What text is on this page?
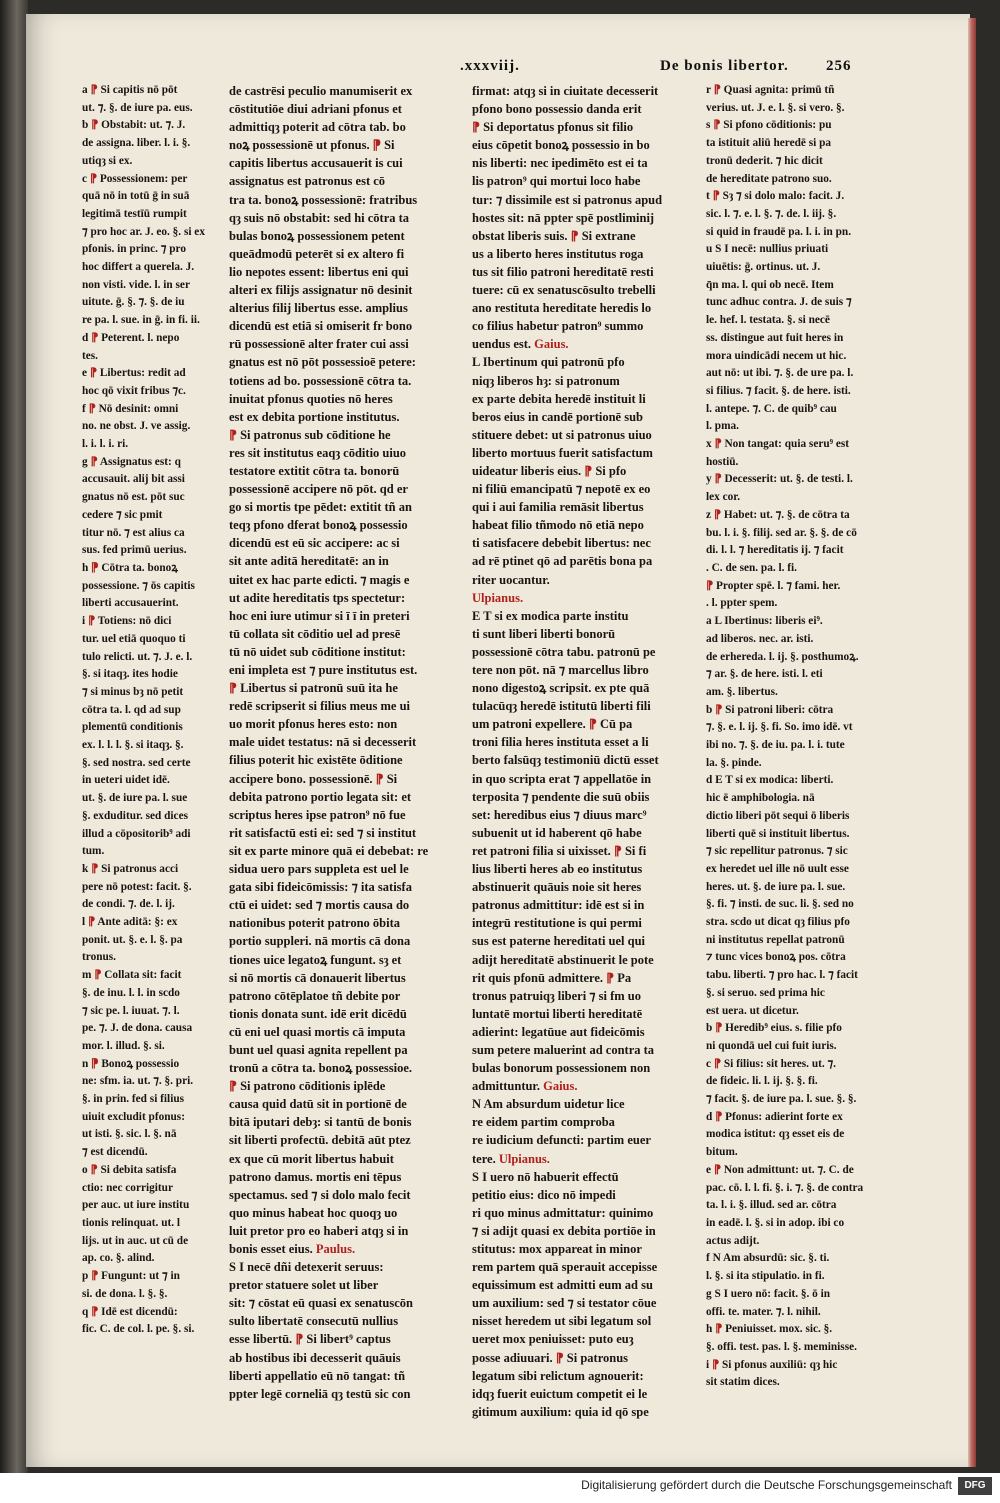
.xxxviij.	De bonis libertor. 256
a ⁋ Si capitis nō pōt
ut. ⁊. §. de iure pa. eus.
b ⁋ Obstabit: ut. ⁊. J.
de assigna. liber. l. i. §.
utiqȝ si ex.
c ⁋ Possessionem: per
quā nō in totū ḡ in suā
legitimā testīū rumpit
⁊ pro hoc ar. J. eo. §. si ex
pfonis. in princ. ⁊ pro
hoc differt a querela. J.
non visti. vide. l. in ser
uitute. ḡ. §. ⁊. §. de iu
re pa. l. sue. in ḡ. in fi. ii.
d ⁋ Peterent. l. nepo
tes.
e ⁋ Libertus: redit ad
hoc qō vixit fribus ⁊c.
f ⁋ Nō desinit: omni
no. ne obst. J. ve assig.
l. i. l. i. ri.
g ⁋ Assignatus est: q
accusauit. alij bit assi
gnatus nō est. pōt suc
cedere ⁊ sic pmit
titur nō. ⁊ est alius ca
sus. fed primū uerius.
h ⁋ Cōtra ta. bonoꝝ
possessione. ⁊ ōs capitis
liberti accusauerint.
i ⁋ Totiens: nō dici
tur. uel etiā quoquo ti
tulo relicti. ut. ⁊. J. e. l.
§. si itaqȝ. ites hodie
⁊ si minus bȝ nō petit
cōtra ta. l. qd ad sup
plementū conditionis
ex. l. l. l. §. si itaqȝ. §.
§. sed nostra. sed certe
in ueteri uidet idē.
ut. §. de iure pa. l. sue
§. exduditur. sed dices
illud a cōpositorib⁹ adi
tum.
k ⁋ Si patronus acci
pere nō potest: facit. §.
de condi. ⁊. de. l. ij.
l ⁋ Ante aditā: §: ex
ponit. ut. §. e. l. §. pa
tronus.
m ⁋ Collata sit: facit
§. de inu. l. l. in scdo
⁊ sic pe. l. iuuat. ⁊. l.
pe. ⁊. J. de dona. causa
mor. l. illud. §. si.
n ⁋ Bonoꝝ possessio
ne: sfm. ia. ut. ⁊. §. pri.
§. in prin. fed si filius
uiuit excludit pfonus:
ut isti. §. sic. l. §. nā
⁊ est dicendū.
o ⁋ Si debita satisfa
ctio: nec corrigitur
per auc. ut iure institu
tionis relinquat. ut. l
lijs. ut in auc. ut cū de
ap. co. §. alind.
p ⁋ Fungunt: ut ⁊ in
si. de dona. l. §. §.
q ⁋ Idē est dicendū:
fic. C. de col. l. pe. §. si.
de castrēsi peculio manumiserit ex
cōstitutiōe diui adriani pfonus et
admittiqȝ poterit ad cōtra tab. bo
noꝝ possessionē ut pfonus. ⁋ Si
capitis libertus accusauerit is cui
assignatus est patronus est cō
tra ta. bonoꝝ possessionē: fratribus
qȝ suis nō obstabit: sed hi cōtra ta
bulas bonoꝝ possessionem petent
queādmodū peterēt si ex altero fi
lio nepotes essent: libertus eni qui
alteri ex filijs assignatur nō desinit
alterius filij libertus esse. amplius
dicendū est etiā si omiserit fr bono
rū possessionē alter frater cui assi
gnatus est nō pōt possessioē petere:
totiens ad bo. possessionē cōtra ta.
inuitat pfonus quoties nō heres
est ex debita portione institutus.
⁋ Si patronus sub cōditione he
res sit institutus eaqȝ cōditio uiuo
testatore extitit cōtra ta. bonorū
possessionē accipere nō pōt. qd er
go si mortis tpe pēdet: extitit tñ an
teqȝ pfono dferat bonoꝝ possessio
dicendū est eū sic accipere: ac si
sit ante aditā hereditatē: an in
uitet ex hac parte edicti. ⁊ magis e
ut adite hereditatis tps spectetur:
hoc eni iure utimur si ī ī in preteri
tū collata sit cōditio uel ad presē
tū nō uidet sub cōditione institut:
eni impleta est ⁊ pure institutus est.
⁋ Libertus si patronū suū ita he
redē scripserit si filius meus me ui
uo morit pfonus heres esto: non
male uidet testatus: nā si decesserit
filius poterit hic existēte ōditione
accipere bono. possessionē. ⁋ Si
debita patrono portio legata sit: et
scriptus heres ipse patron⁹ nō fue
rit satisfactū esti ei: sed ⁊ si institut
sit ex parte minore quā ei debebat: re
sidua uero pars suppleta est uel le
gata sibi fideicōmissis: ⁊ ita satisfa
ctū ei uidet: sed ⁊ mortis causa do
nationibus poterit patrono ōbita
portio suppleri. nā mortis cā dona
tiones uice legatoꝝ fungunt. sȝ et
si nō mortis cā donauerit libertus
patrono cōtēplatoe tñ debite por
tionis donata sunt. idē erit dicēdū
cū eni uel quasi mortis cā imputa
bunt uel quasi agnita repellent pa
tronū a cōtra ta. bonoꝝ possessioe.
⁋ Si patrono cōditionis iplēde
causa quid datū sit in portionē de
bitā iputari debȝ: si tantū de bonis
sit liberti profectū. debitā aūt ptez
ex que cū morit libertus habuit
patrono damus. mortis eni tēpus
spectamus. sed ⁊ si dolo malo fecit
quo minus habeat hoc quoqȝ uo
luit pretor pro eo haberi atqȝ si in
bonis esset eius. Paulus.
S I necē dñi detexerit seruus:
pretor statuere solet ut liber
sit: ⁊ cōstat eū quasi ex senatuscōn
sulto libertatē consecutū nullius
esse libertū. ⁋ Si libert⁹ captus
ab hostibus ibi decesserit quāuis
liberti appellatio eū nō tangat: tñ
ppter legē corneliā qȝ testū sic con
firmat: atqȝ si in ciuitate decesserit
pfono bono possessio danda erit
⁋ Si deportatus pfonus sit filio
eius cōpetit bonoꝝ possessio in bo
nis liberti: nec ipedimēto est ei ta
lis patron⁹ qui mortui loco habe
tur: ⁊ dissimile est si patronus apud
hostes sit: nā ppter spē postliminij
obstat liberis suis. ⁋ Si extrane
us a liberto heres institutus roga
tus sit filio patroni hereditatē resti
tuere: cū ex senatuscōsulto trebelli
ano restituta hereditate heredis lo
co filius habetur patron⁹ summo
uendus est. Gaius.
L Ibertinum qui patronū pfo
niqȝ liberos hȝ: si patronum
ex parte debita heredē instituit li
beros eius in candē portionē sub
stituere debet: ut si patronus uiuo
liberto mortuus fuerit satisfactum
uideatur liberis eius. ⁋ Si pfo
ni filiū emancipatū ⁊ nepotē ex eo
qui i aui familia remāsit libertus
habeat filio tñmodo nō etiā nepo
ti satisfacere debebit libertus: nec
ad rē ptinet qō ad parētis bona pa
riter uocantur.
Ulpianus.
E T si ex modica parte institu
ti sunt liberi liberti bonorū
possessionē cōtra tabu. patronū pe
tere non pōt. nā ⁊ marcellus libro
nono digestoꝝ scripsit. ex pte quā
tulacūqȝ heredē istitutū liberti fili
um patroni expellere. ⁋ Cū pa
troni filia heres instituta esset a li
berto falsūqȝ testimoniū dictū esset
in quo scripta erat ⁊ appellatōe in
terposita ⁊ pendente die suū obiis
set: heredibus eius ⁊ diuus marc⁹
subuenit ut id haberent qō habe
ret patroni filia si uixisset. ⁋ Si fi
lius liberti heres ab eo institutus
abstinuerit quāuis noie sit heres
patronus admittitur: idē est si in
integrū restitutione is qui permi
sus est paterne hereditati uel qui
adijt hereditatē abstinuerit le pote
rit quis pfonū admittere. ⁋ Pa
tronus patruiqȝ liberi ⁊ si fm uo
luntatē mortui liberti hereditatē
adierint: legatūue aut fideicōmis
sum petere maluerint ad contra ta
bulas bonorum possessionem non
admittuntur. Gaius.
N Am absurdum uidetur lice
re eidem partim comproba
re iudicium defuncti: partim euer
tere. Ulpianus.
S I uero nō habuerit effectū
petitio eius: dico nō impedi
ri quo minus admittatur: quinimo
⁊ si adijt quasi ex debita portiōe in
stitutus: mox appareat in minor
rem partem quā sperauit accepisse
equissimum est admitti eum ad su
um auxilium: sed ⁊ si testator cōue
nisset heredem ut sibi legatum sol
ueret mox peniuisset: puto euȝ
posse adiuuari. ⁋ Si patronus
legatum sibi relictum agnouerit:
idqȝ fuerit euictum competit ei le
gitimum auxilium: quia id qō spe
r ⁋ Quasi agnita: primū tñ
verius. ut. J. e. l. §. si vero. §.
s ⁋ Si pfono cōditionis: pu
ta istituit aliū heredē si pa
tronū dederit. ⁊ hic dicit
de hereditate patrono suo.
t ⁋ Sȝ ⁊ si dolo malo: facit. J.
sic. l. ⁊. e. l. §. ⁊. de. l. iij. §.
si quid in fraudē pa. l. i. in pn.
u S I necē: nullius priuati
uiuētis: ḡ. ortinus. ut. J.
q̄n ma. l. qui ob necē. Item
tunc adhuc contra. J. de suis ⁊
le. hef. l. testata. §. si necē
ss. distingue aut fuit heres in
mora uindicādi necem ut hic.
aut nō: ut ibi. ⁊. §. de ure pa. l.
si filius. ⁊ facit. §. de here. isti.
l. antepe. ⁊. C. de quib⁹ cau
l. pma.
x ⁋ Non tangat: quia seru⁹ est
hostiū.
y ⁋ Decesserit: ut. §. de testi. l.
lex cor.
z ⁋ Habet: ut. ⁊. §. de cōtra ta
bu. l. i. §. filij. sed ar. §. §. de cō
di. l. l. ⁊ hereditatis ij. ⁊ facit
. C. de sen. pa. l. fi.
⁋ Propter spē. l. ⁊ fami. her.
. l. ppter spem.
a L Ibertinus: liberis ei⁹.
ad liberos. nec. ar. isti.
de erhereda. l. ij. §. posthumoꝝ.
⁊ ar. §. de here. isti. l. eti
am. §. libertus.
b ⁋ Si patroni liberi: cōtra
⁊. §. e. l. ij. §. fi. So. imo idē. vt
ibi no. ⁊. §. de iu. pa. l. i. tute
la. §. pinde.
d E T si ex modica: liberti.
hic ē amphibologia. nā
dictio liberi pōt sequi ō liberis
liberti quē si instituit libertus.
⁊ sic repellitur patronus. ⁊ sic
ex heredet uel ille nō uult esse
heres. ut. §. de iure pa. l. sue.
§. fi. ⁊ insti. de suc. li. §. sed no
stra. scdo ut dicat qȝ filius pfo
ni institutus repellat patronū
⁊ tunc vices bonoꝝ pos. cōtra
tabu. liberti. ⁊ pro hac. l. ⁊ facit
§. si seruo. sed prima hic
est uera. ut dicetur.
b ⁋ Heredib⁹ eius. s. filie pfo
ni quondā uel cui fuit iuris.
c ⁋ Si filius: sit heres. ut. ⁊.
de fideic. li. l. ij. §. §. fi.
⁊ facit. §. de iure pa. l. sue. §. §.
d ⁋ Pfonus: adierint forte ex
modica istitut: qȝ esset eis de
bitum.
e ⁋ Non admittunt: ut. ⁊. C. de
pac. cō. l. l. fi. §. i. ⁊. §. de contra
ta. l. i. §. illud. sed ar. cōtra
in eadē. l. §. si in adop. ibi co
actus adijt.
f N Am absurdū: sic. §. ti.
l. §. si ita stipulatio. in fi.
g S I uero nō: facit. §. ō in
offi. te. mater. ⁊. l. nihil.
h ⁋ Peniuisset. mox. sic. §.
§. offi. test. pas. l. §. meminisse.
i ⁋ Si pfonus auxiliū: qȝ hic
sit statim dices.
Digitalisierung gefördert durch die Deutsche Forschungsgemeinschaft	DFG
